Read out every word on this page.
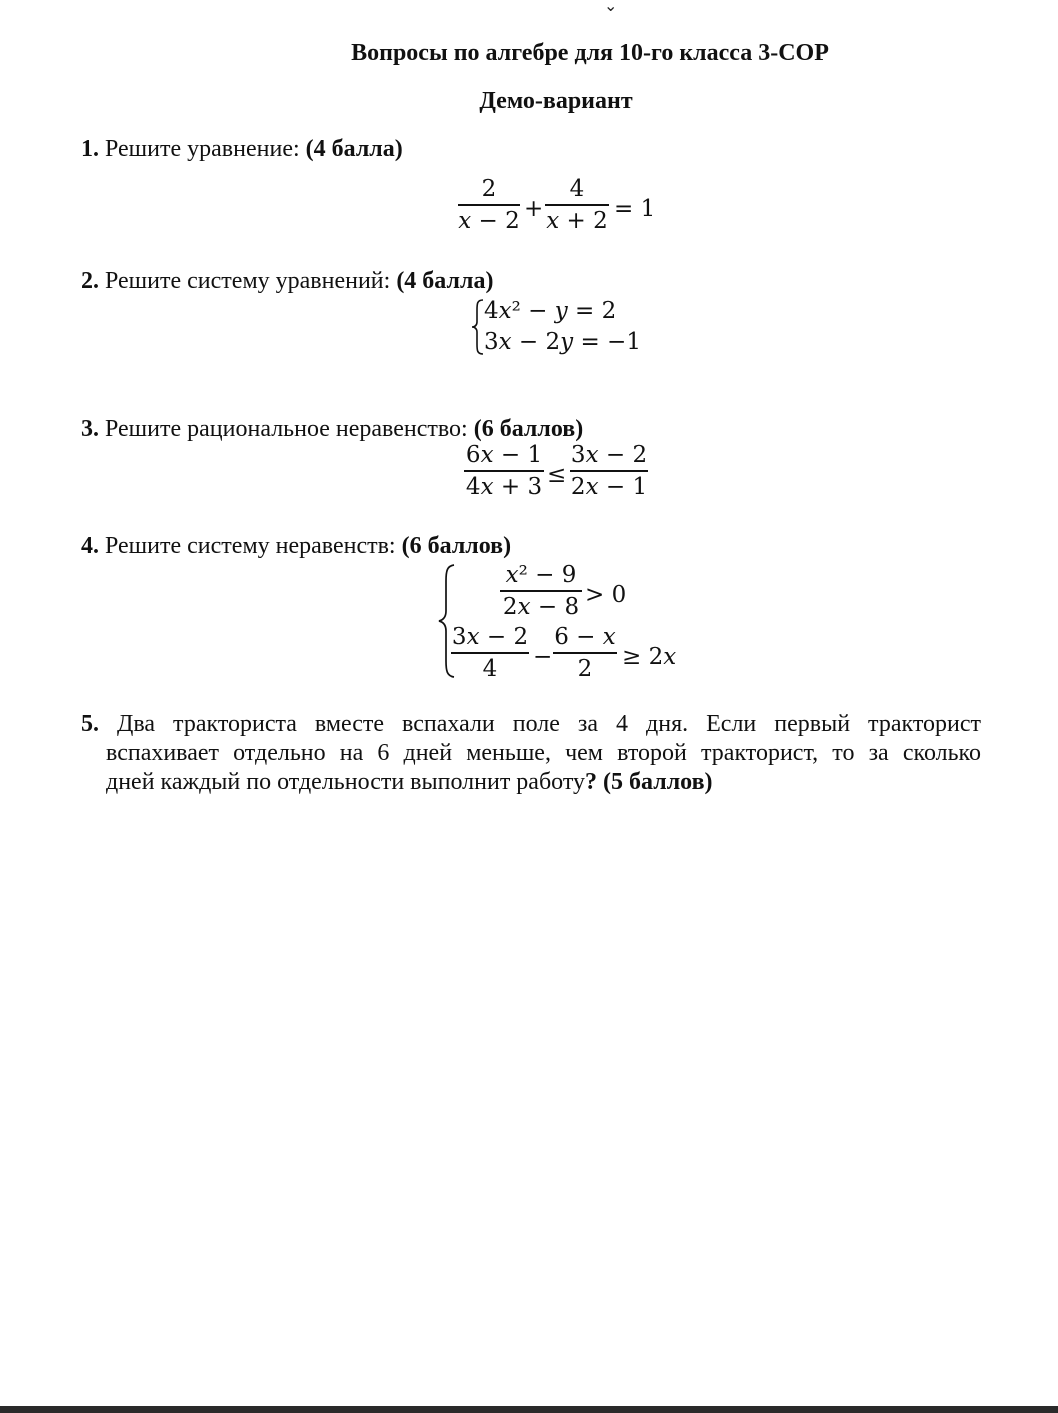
⌄
Вопросы по алгебре для 10-го класса 3-СОР
Демо-вариант
1. Решите уравнение: (4 балла)
2
x − 2 +
4
x + 2 = 1
2. Решите систему уравнений: (4 балла)
4x² − y = 2
3x − 2y = −1
3. Решите рациональное неравенство: (6 баллов)
6x − 1
4x + 3 ≤
3x − 2
2x − 1
4. Решите систему неравенств: (6 баллов)
x² − 9
2x − 8 > 0
3x − 2
4	−
6 − x
2	≥ 2x
5. Два тракториста вместе вспахали поле за 4 дня. Если первый тракторист
вспахивает отдельно на 6 дней меньше, чем второй тракторист, то за сколько
дней каждый по отдельности выполнит работу? (5 баллов)
